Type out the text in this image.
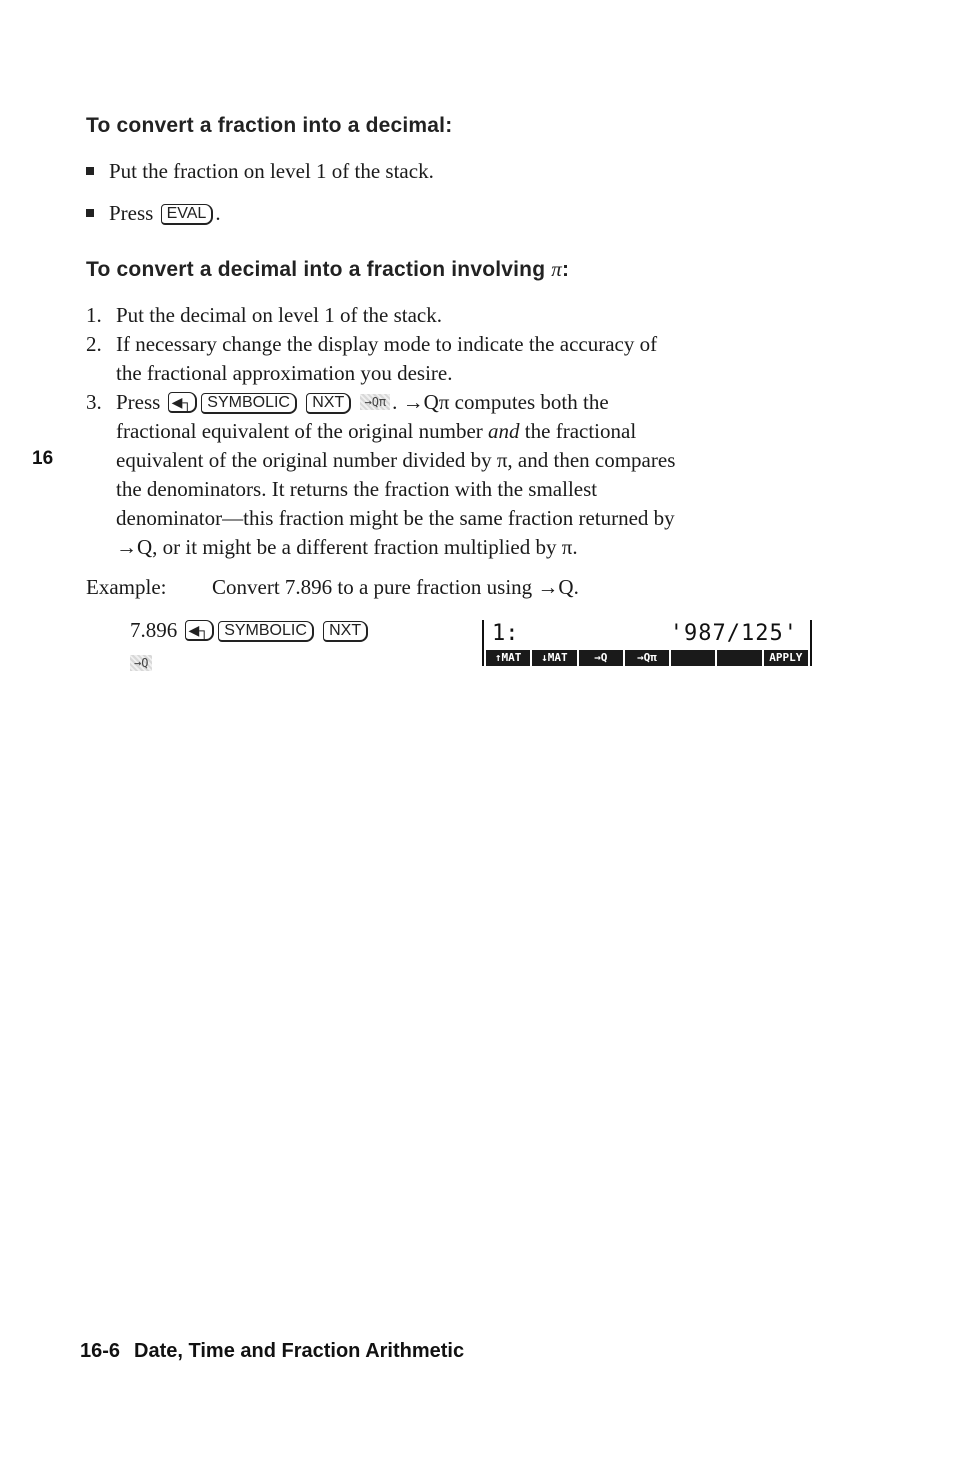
To convert a fraction into a decimal:
Put the fraction on level 1 of the stack.
Press EVAL .
To convert a decimal into a fraction involving π:
1. Put the decimal on level 1 of the stack.
2. If necessary change the display mode to indicate the accuracy of
the fractional approximation you desire.
3. Press ◀┐ SYMBOLIC NXT →Qπ . →Qπ computes both the
fractional equivalent of the original number and the fractional
equivalent of the original number divided by π, and then compares
the denominators. It returns the fraction with the smallest
denominator—this fraction might be the same fraction returned by
→Q, or it might be a different fraction multiplied by π.
16
Example: Convert 7.896 to a pure fraction using →Q.
7.896 ◀┐ SYMBOLIC NXT
→Q
1:	'987/125'
↑MAT	↓MAT	→Q	→Qπ	APPLY
16-6 Date, Time and Fraction Arithmetic
